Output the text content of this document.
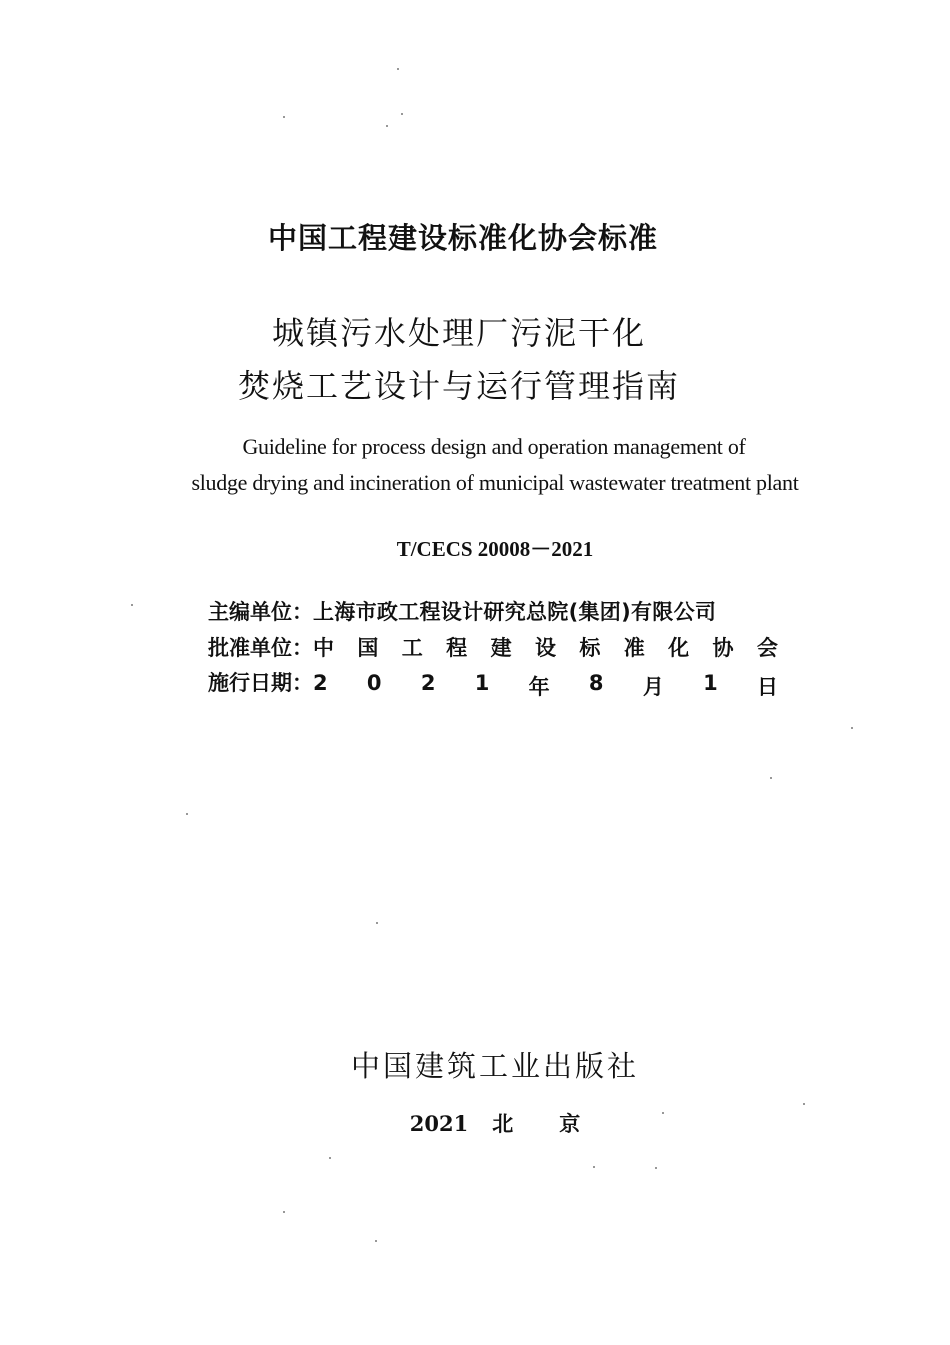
中国工程建设标准化协会标准
城镇污水处理厂污泥干化
焚烧工艺设计与运行管理指南
Guideline for process design and operation management of
sludge drying and incineration of municipal wastewater treatment plant
T/CECS 20008－2021
主编单位： 上海市政工程设计研究总院(集团)有限公司
批准单位： 中 国 工 程 建 设 标 准 化 协 会
施行日期： 2 0 2 1 年 8 月 1 日
中国建筑工业出版社
2021 北 京
